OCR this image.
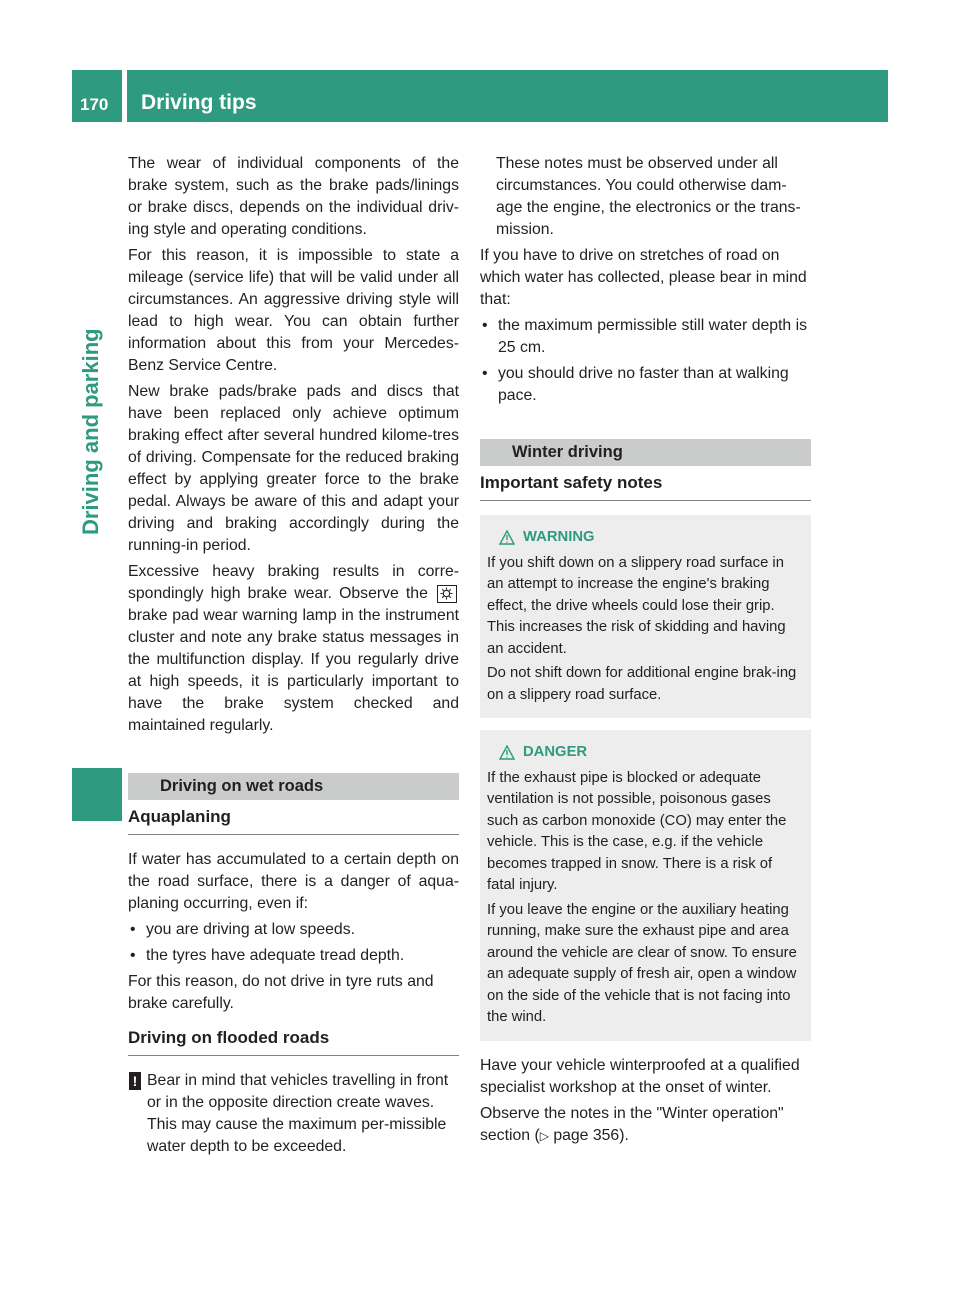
170 Driving tips
Driving and parking

The wear of individual components of the brake system, such as the brake pads/linings or brake discs, depends on the individual driv-ing style and operating conditions.

For this reason, it is impossible to state a mileage (service life) that will be valid under all circumstances. An aggressive driving style will lead to high wear. You can obtain further information about this from your Mercedes-Benz Service Centre.

New brake pads/brake pads and discs that have been replaced only achieve optimum braking effect after several hundred kilome-tres of driving. Compensate for the reduced braking effect by applying greater force to the brake pedal. Always be aware of this and adapt your driving and braking accordingly during the running-in period.

Excessive heavy braking results in corre-spondingly high brake wear. Observe the  brake pad wear warning lamp in the instrument cluster and note any brake status messages in the multifunction display. If you regularly drive at high speeds, it is particularly important to have the brake system checked and maintained regularly.

Driving on wet roads
Aquaplaning

If water has accumulated to a certain depth on the road surface, there is a danger of aqua-planing occurring, even if:

• you are driving at low speeds.
• the tyres have adequate tread depth.

For this reason, do not drive in tyre ruts and brake carefully.

Driving on flooded roads
! Bear in mind that vehicles travelling in front or in the opposite direction create waves. This may cause the maximum per-missible water depth to be exceeded.

These notes must be observed under all circumstances. You could otherwise dam-age the engine, the electronics or the trans-mission.

If you have to drive on stretches of road on which water has collected, please bear in mind that:

• the maximum permissible still water depth is 25 cm.
• you should drive no faster than at walking pace.
Winter driving
Important safety notes
WARNING

If you shift down on a slippery road surface in an attempt to increase the engine's braking effect, the drive wheels could lose their grip. This increases the risk of skidding and having an accident.

Do not shift down for additional engine brak-ing on a slippery road surface.

DANGER

If the exhaust pipe is blocked or adequate ventilation is not possible, poisonous gases such as carbon monoxide (CO) may enter the vehicle. This is the case, e.g. if the vehicle becomes trapped in snow. There is a risk of fatal injury.

If you leave the engine or the auxiliary heating running, make sure the exhaust pipe and area around the vehicle are clear of snow. To ensure an adequate supply of fresh air, open a window on the side of the vehicle that is not facing into the wind.

Have your vehicle winterproofed at a qualified specialist workshop at the onset of winter.

Observe the notes in the "Winter operation" section (▷ page 356).
